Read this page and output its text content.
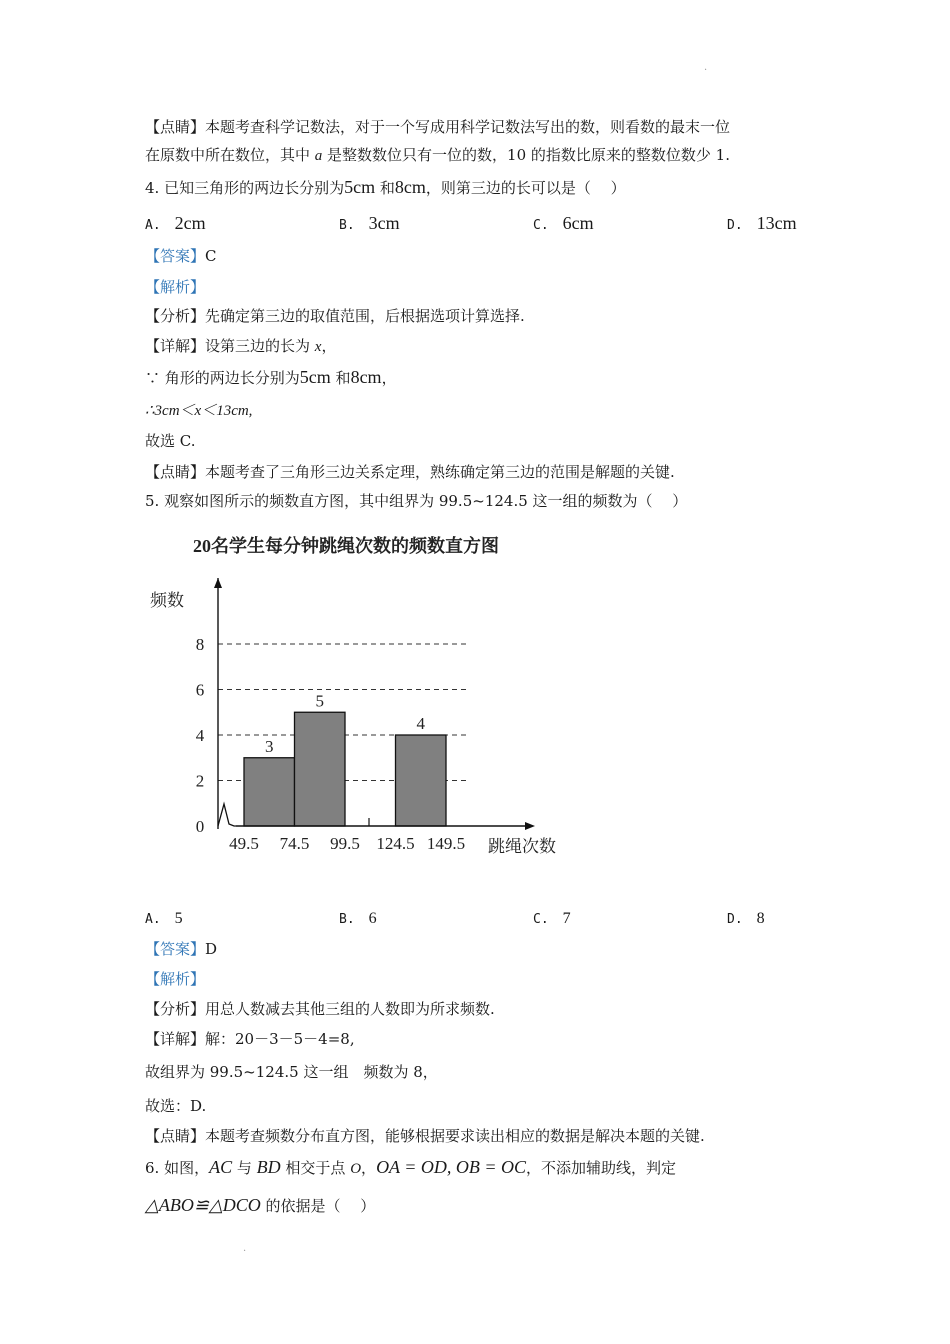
.
【点睛】本题考查科学记数法，对于一个写成用科学记数法写出的数，则看数的最末一位
在原数中所在数位，其中 a 是整数数位只有一位的数，10 的指数比原来的整数位数少 1.
4. 已知三角形的两边长分别为5cm 和8cm，则第三边的长可以是（　 ）
A. 2cm	B. 3cm	C. 6cm	D. 13cm
【答案】C
【解析】
【分析】先确定第三边的取值范围，后根据选项计算选择.
【详解】设第三边的长为 x，
∵ 角形的两边长分别为5cm 和8cm，
∴3cm＜x＜13cm,
故选 C.
【点睛】本题考查了三角形三边关系定理，熟练确定第三边的范围是解题的关键.
5. 观察如图所示的频数直方图，其中组界为 99.5~124.5 这一组的频数为（　 ）
20名学生每分钟跳绳次数的频数直方图
频数
跳绳次数
3
5
4
0
2
4
6
8
49.5 74.5 99.5 124.5 149.5
A. 5	B. 6	C. 7	D. 8
【答案】D
【解析】
【分析】用总人数减去其他三组的人数即为所求频数.
【详解】解：20－3－5－4=8,
故组界为 99.5~124.5 这一组　频数为 8，
故选：D.
【点睛】本题考查频数分布直方图，能够根据要求读出相应的数据是解决本题的关键.
6. 如图，AC 与 BD 相交于点 O，OA = OD, OB = OC，不添加辅助线，判定
△ABO≌△DCO 的依据是（　 ）
.
